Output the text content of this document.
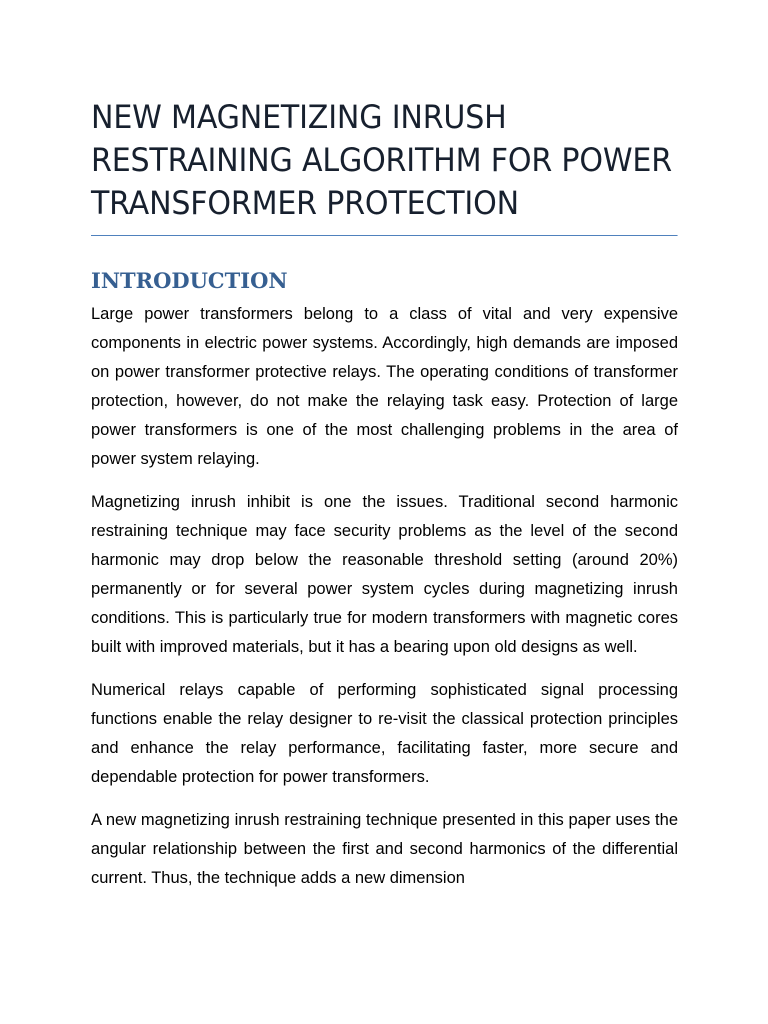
NEW MAGNETIZING INRUSH RESTRAINING ALGORITHM FOR POWER TRANSFORMER PROTECTION
INTRODUCTION

Large power transformers belong to a class of vital and very expensive components in electric power systems. Accordingly, high demands are imposed on power transformer protective relays. The operating conditions of transformer protection, however, do not make the relaying task easy. Protection of large power transformers is one of the most challenging problems in the area of power system relaying.

Magnetizing inrush inhibit is one the issues. Traditional second harmonic restraining technique may face security problems as the level of the second harmonic may drop below the reasonable threshold setting (around 20%) permanently or for several power system cycles during magnetizing inrush conditions. This is particularly true for modern transformers with magnetic cores built with improved materials, but it has a bearing upon old designs as well.

Numerical relays capable of performing sophisticated signal processing functions enable the relay designer to re-visit the classical protection principles and enhance the relay performance, facilitating faster, more secure and dependable protection for power transformers.

A new magnetizing inrush restraining technique presented in this paper uses the angular relationship between the first and second harmonics of the differential current. Thus, the technique adds a new dimension
